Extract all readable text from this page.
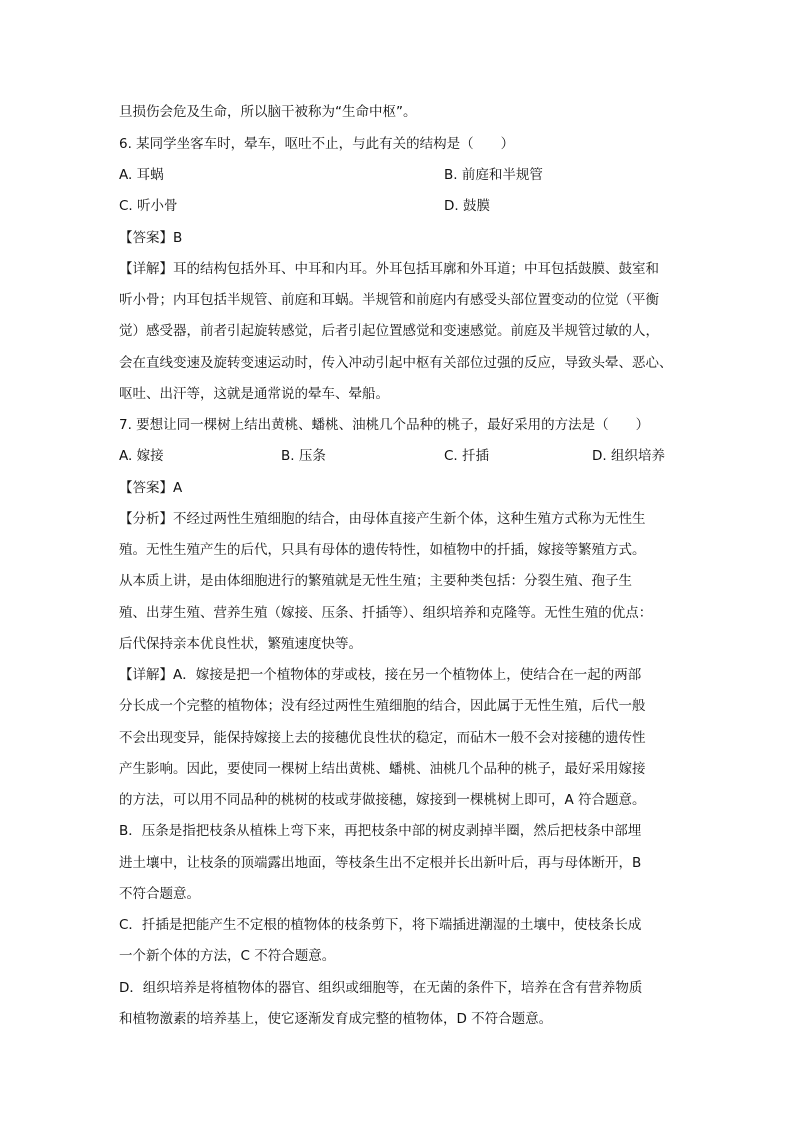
旦损伤会危及生命，所以脑干被称为“生命中枢”。
6. 某同学坐客车时，晕车，呕吐不止，与此有关的结构是（　　）
A. 耳蜗	B. 前庭和半规管
C. 听小骨	D. 鼓膜
【答案】B
【详解】耳的结构包括外耳、中耳和内耳。外耳包括耳廓和外耳道；中耳包括鼓膜、鼓室和
听小骨；内耳包括半规管、前庭和耳蜗。半规管和前庭内有感受头部位置变动的位觉（平衡
觉）感受器，前者引起旋转感觉，后者引起位置感觉和变速感觉。前庭及半规管过敏的人，
会在直线变速及旋转变速运动时，传入冲动引起中枢有关部位过强的反应，导致头晕、恶心、
呕吐、出汗等，这就是通常说的晕车、晕船。
7. 要想让同一棵树上结出黄桃、蟠桃、油桃几个品种的桃子，最好采用的方法是（　　）
A. 嫁接	B. 压条	C. 扦插	D. 组织培养
【答案】A
【分析】不经过两性生殖细胞的结合，由母体直接产生新个体，这种生殖方式称为无性生
殖。无性生殖产生的后代，只具有母体的遗传特性，如植物中的扦插，嫁接等繁殖方式。
从本质上讲，是由体细胞进行的繁殖就是无性生殖；主要种类包括：分裂生殖、孢子生
殖、出芽生殖、营养生殖（嫁接、压条、扦插等）、组织培养和克隆等。无性生殖的优点：
后代保持亲本优良性状，繁殖速度快等。
【详解】A．嫁接是把一个植物体的芽或枝，接在另一个植物体上，使结合在一起的两部
分长成一个完整的植物体；没有经过两性生殖细胞的结合，因此属于无性生殖，后代一般
不会出现变异，能保持嫁接上去的接穗优良性状的稳定，而砧木一般不会对接穗的遗传性
产生影响。因此，要使同一棵树上结出黄桃、蟠桃、油桃几个品种的桃子，最好采用嫁接
的方法，可以用不同品种的桃树的枝或芽做接穗，嫁接到一棵桃树上即可，A 符合题意。
B．压条是指把枝条从植株上弯下来，再把枝条中部的树皮剥掉半圈，然后把枝条中部埋
进土壤中，让枝条的顶端露出地面，等枝条生出不定根并长出新叶后，再与母体断开，B
不符合题意。
C．扦插是把能产生不定根的植物体的枝条剪下，将下端插进潮湿的土壤中，使枝条长成
一个新个体的方法，C 不符合题意。
D．组织培养是将植物体的器官、组织或细胞等，在无菌的条件下，培养在含有营养物质
和植物激素的培养基上，使它逐渐发育成完整的植物体，D 不符合题意。
